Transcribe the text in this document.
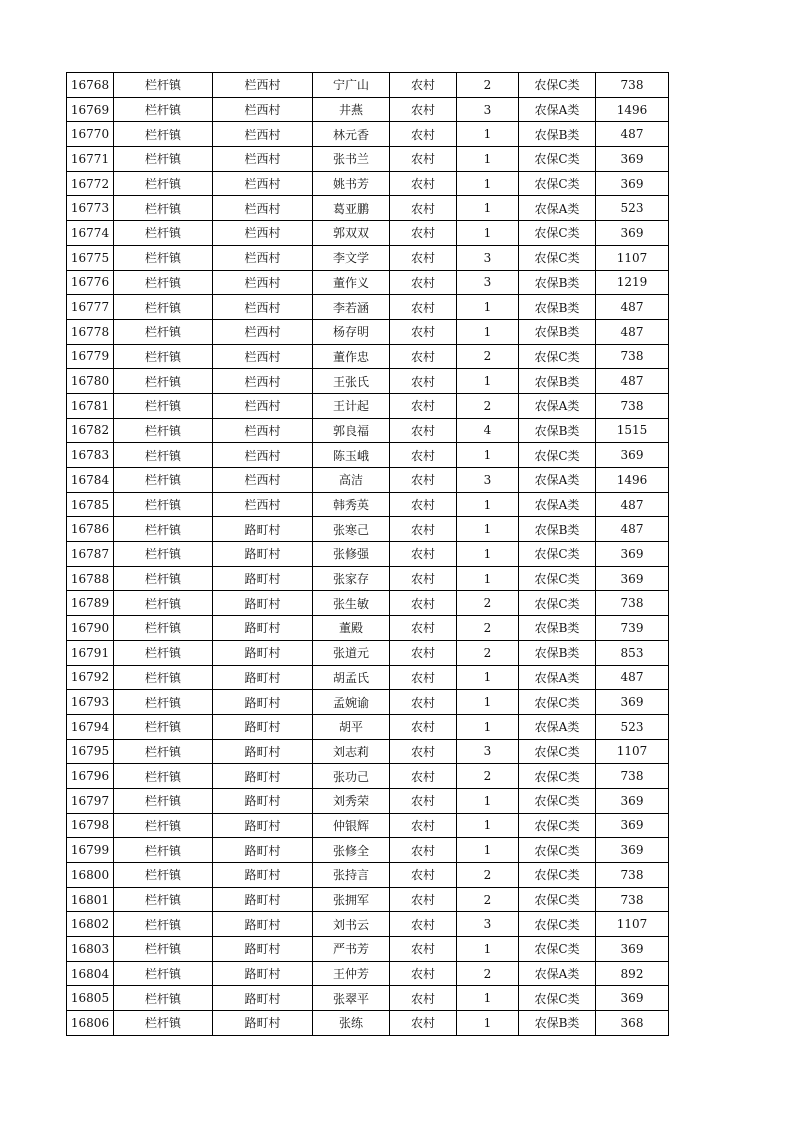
16768	栏杆镇	栏西村	宁广山	农村	2	农保C类	738
16769	栏杆镇	栏西村	井燕	农村	3	农保A类	1496
16770	栏杆镇	栏西村	林元香	农村	1	农保B类	487
16771	栏杆镇	栏西村	张书兰	农村	1	农保C类	369
16772	栏杆镇	栏西村	姚书芳	农村	1	农保C类	369
16773	栏杆镇	栏西村	葛亚鹏	农村	1	农保A类	523
16774	栏杆镇	栏西村	郭双双	农村	1	农保C类	369
16775	栏杆镇	栏西村	李文学	农村	3	农保C类	1107
16776	栏杆镇	栏西村	董作义	农村	3	农保B类	1219
16777	栏杆镇	栏西村	李若涵	农村	1	农保B类	487
16778	栏杆镇	栏西村	杨存明	农村	1	农保B类	487
16779	栏杆镇	栏西村	董作忠	农村	2	农保C类	738
16780	栏杆镇	栏西村	王张氏	农村	1	农保B类	487
16781	栏杆镇	栏西村	王计起	农村	2	农保A类	738
16782	栏杆镇	栏西村	郭良福	农村	4	农保B类	1515
16783	栏杆镇	栏西村	陈玉峨	农村	1	农保C类	369
16784	栏杆镇	栏西村	高洁	农村	3	农保A类	1496
16785	栏杆镇	栏西村	韩秀英	农村	1	农保A类	487
16786	栏杆镇	路町村	张寒己	农村	1	农保B类	487
16787	栏杆镇	路町村	张修强	农村	1	农保C类	369
16788	栏杆镇	路町村	张家存	农村	1	农保C类	369
16789	栏杆镇	路町村	张生敏	农村	2	农保C类	738
16790	栏杆镇	路町村	董殿	农村	2	农保B类	739
16791	栏杆镇	路町村	张道元	农村	2	农保B类	853
16792	栏杆镇	路町村	胡孟氏	农村	1	农保A类	487
16793	栏杆镇	路町村	孟婉谕	农村	1	农保C类	369
16794	栏杆镇	路町村	胡平	农村	1	农保A类	523
16795	栏杆镇	路町村	刘志莉	农村	3	农保C类	1107
16796	栏杆镇	路町村	张功己	农村	2	农保C类	738
16797	栏杆镇	路町村	刘秀荣	农村	1	农保C类	369
16798	栏杆镇	路町村	仲银辉	农村	1	农保C类	369
16799	栏杆镇	路町村	张修全	农村	1	农保C类	369
16800	栏杆镇	路町村	张持言	农村	2	农保C类	738
16801	栏杆镇	路町村	张拥军	农村	2	农保C类	738
16802	栏杆镇	路町村	刘书云	农村	3	农保C类	1107
16803	栏杆镇	路町村	严书芳	农村	1	农保C类	369
16804	栏杆镇	路町村	王仲芳	农村	2	农保A类	892
16805	栏杆镇	路町村	张翠平	农村	1	农保C类	369
16806	栏杆镇	路町村	张练	农村	1	农保B类	368
